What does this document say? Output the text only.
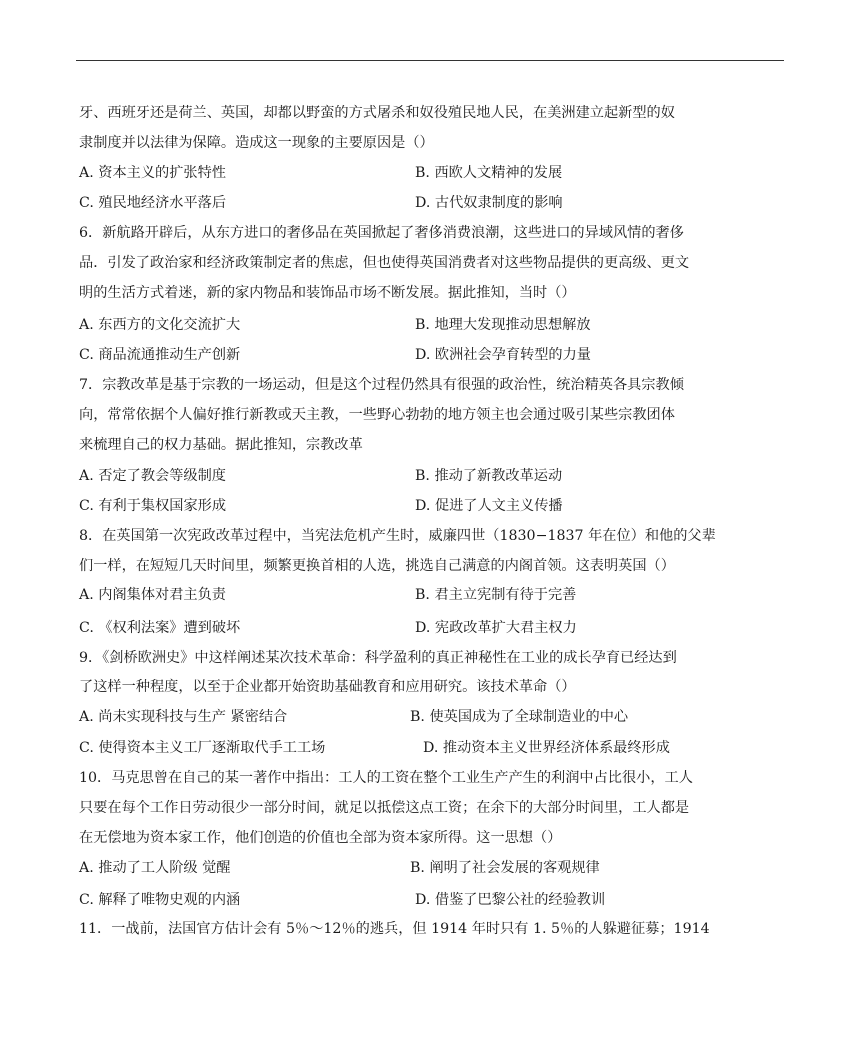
牙、西班牙还是荷兰、英国，却都以野蛮的方式屠杀和奴役殖民地人民，在美洲建立起新型的奴
隶制度并以法律为保障。造成这一现象的主要原因是（）
A. 资本主义的扩张特性	B. 西欧人文精神的发展
C. 殖民地经济水平落后	D. 古代奴隶制度的影响
6．新航路开辟后，从东方进口的奢侈品在英国掀起了奢侈消费浪潮，这些进口的异域风情的奢侈
品．引发了政治家和经济政策制定者的焦虑，但也使得英国消费者对这些物品提供的更高级、更文
明的生活方式着迷，新的家内物品和装饰品市场不断发展。据此推知，当时（）
A. 东西方的文化交流扩大	B. 地理大发现推动思想解放
C. 商品流通推动生产创新	D. 欧洲社会孕育转型的力量
7．宗教改革是基于宗教的一场运动，但是这个过程仍然具有很强的政治性，统治精英各具宗教倾
向，常常依据个人偏好推行新教或天主教，一些野心勃勃的地方领主也会通过吸引某些宗教团体
来梳理自己的权力基础。据此推知，宗教改革
A. 否定了教会等级制度	B. 推动了新教改革运动
C. 有利于集权国家形成	D. 促进了人文主义传播
8．在英国第一次宪政改革过程中，当宪法危机产生时，威廉四世（1830−1837 年在位）和他的父辈
们一样，在短短几天时间里，频繁更换首相的人选，挑选自己满意的内阁首领。这表明英国（）
A. 内阁集体对君主负责	B. 君主立宪制有待于完善
C. 《权利法案》遭到破坏	D. 宪政改革扩大君主权力
9．《剑桥欧洲史》中这样阐述某次技术革命：科学盈利的真正神秘性在工业的成长孕育已经达到
了这样一种程度，以至于企业都开始资助基础教育和应用研究。该技术革命（）
A. 尚未实现科技与生产 紧密结合	B. 使英国成为了全球制造业的中心
C. 使得资本主义工厂逐渐取代手工工场	D. 推动资本主义世界经济体系最终形成
10．马克思曾在自己的某一著作中指出：工人的工资在整个工业生产产生的利润中占比很小，工人
只要在每个工作日劳动很少一部分时间，就足以抵偿这点工资；在余下的大部分时间里，工人都是
在无偿地为资本家工作，他们创造的价值也全部为资本家所得。这一思想（）
A. 推动了工人阶级 觉醒	B. 阐明了社会发展的客观规律
C. 解释了唯物史观的内涵	D. 借鉴了巴黎公社的经验教训
11．一战前，法国官方估计会有 5％～12％的逃兵，但 1914 年时只有 1. 5％的人躲避征募；1914
